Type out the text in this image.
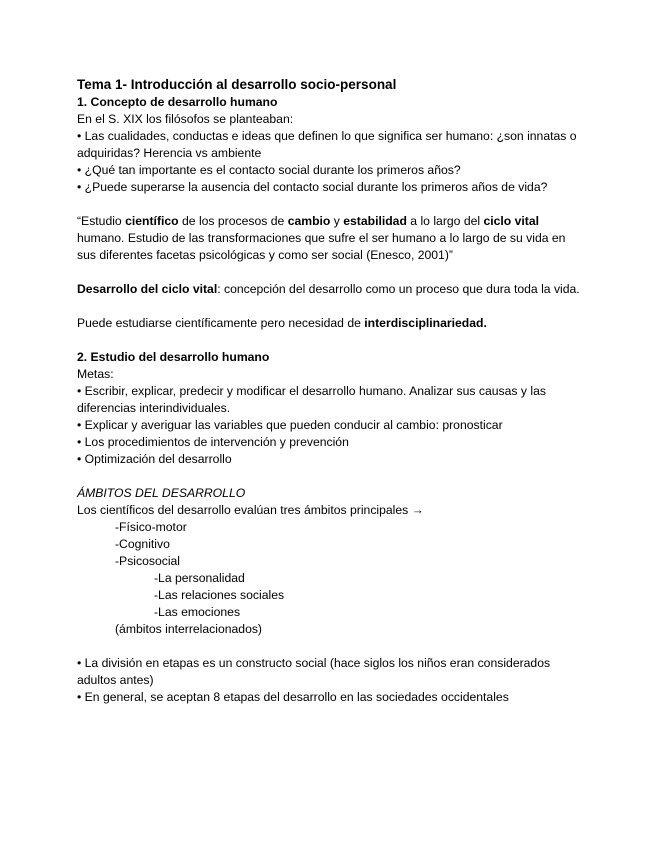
Tema 1- Introducción al desarrollo socio-personal

1. Concepto de desarrollo humano

En el S. XIX los filósofos se planteaban:

• Las cualidades, conductas e ideas que definen lo que significa ser humano: ¿son innatas o adquiridas? Herencia vs ambiente

• ¿Qué tan importante es el contacto social durante los primeros años?

• ¿Puede superarse la ausencia del contacto social durante los primeros años de vida?

“Estudio científico de los procesos de cambio y estabilidad a lo largo del ciclo vital humano. Estudio de las transformaciones que sufre el ser humano a lo largo de su vida en sus diferentes facetas psicológicas y como ser social (Enesco, 2001)”

Desarrollo del ciclo vital: concepción del desarrollo como un proceso que dura toda la vida.

Puede estudiarse científicamente pero necesidad de interdisciplinariedad.

2. Estudio del desarrollo humano

Metas:

• Escribir, explicar, predecir y modificar el desarrollo humano. Analizar sus causas y las diferencias interindividuales.

• Explicar y averiguar las variables que pueden conducir al cambio: pronosticar

• Los procedimientos de intervención y prevención

• Optimización del desarrollo

ÁMBITOS DEL DESARROLLO

Los científicos del desarrollo evalúan tres ámbitos principales →

-Físico-motor

-Cognitivo

-Psicosocial

-La personalidad

-Las relaciones sociales

-Las emociones

(ámbitos interrelacionados)

• La división en etapas es un constructo social (hace siglos los niños eran considerados adultos antes)

• En general, se aceptan 8 etapas del desarrollo en las sociedades occidentales
